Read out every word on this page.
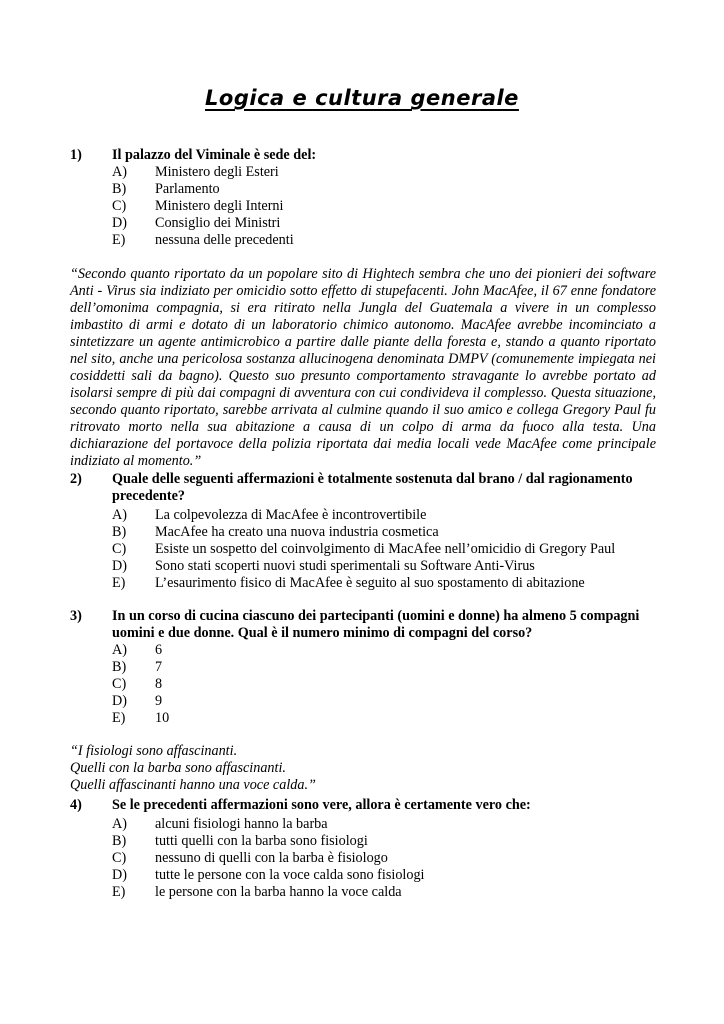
Logica e cultura generale
1)	Il palazzo del Viminale è sede del:
A)	Ministero degli Esteri
B)	Parlamento
C)	Ministero degli Interni
D)	Consiglio dei Ministri
E)	nessuna delle precedenti
“Secondo quanto riportato da un popolare sito di Hightech sembra che uno dei pionieri dei software Anti - Virus sia indiziato per omicidio sotto effetto di stupefacenti. John MacAfee, il 67 enne fondatore dell’omonima compagnia, si era ritirato nella Jungla del Guatemala a vivere in un complesso imbastito di armi e dotato di un laboratorio chimico autonomo. MacAfee avrebbe incominciato a sintetizzare un agente antimicrobico a partire dalle piante della foresta e, stando a quanto riportato nel sito, anche una pericolosa sostanza allucinogena denominata DMPV (comunemente impiegata nei cosiddetti sali da bagno). Questo suo presunto comportamento stravagante lo avrebbe portato ad isolarsi sempre di più dai compagni di avventura con cui condivideva il complesso. Questa situazione, secondo quanto riportato, sarebbe arrivata al culmine quando il suo amico e collega Gregory Paul fu ritrovato morto nella sua abitazione a causa di un colpo di arma da fuoco alla testa. Una dichiarazione del portavoce della polizia riportata dai media locali vede MacAfee come principale indiziato al momento.”
2)	Quale delle seguenti affermazioni è totalmente sostenuta dal brano / dal ragionamento precedente?
A)	La colpevolezza di MacAfee è incontrovertibile
B)	MacAfee ha creato una nuova industria cosmetica
C)	Esiste un sospetto del coinvolgimento di MacAfee nell’omicidio di Gregory Paul
D)	Sono stati scoperti nuovi studi sperimentali su Software Anti-Virus
E)	L’esaurimento fisico di MacAfee è seguito al suo spostamento di abitazione
3)	In un corso di cucina ciascuno dei partecipanti (uomini e donne) ha almeno 5 compagni uomini e due donne. Qual è il numero minimo di compagni del corso?
A)	6
B)	7
C)	8
D)	9
E)	10
“I fisiologi sono affascinanti.
Quelli con la barba sono affascinanti.
Quelli affascinanti hanno una voce calda.”
4)	Se le precedenti affermazioni sono vere, allora è certamente vero che:
A)	alcuni fisiologi hanno la barba
B)	tutti quelli con la barba sono fisiologi
C)	nessuno di quelli con la barba è fisiologo
D)	tutte le persone con la voce calda sono fisiologi
E)	le persone con la barba hanno la voce calda
